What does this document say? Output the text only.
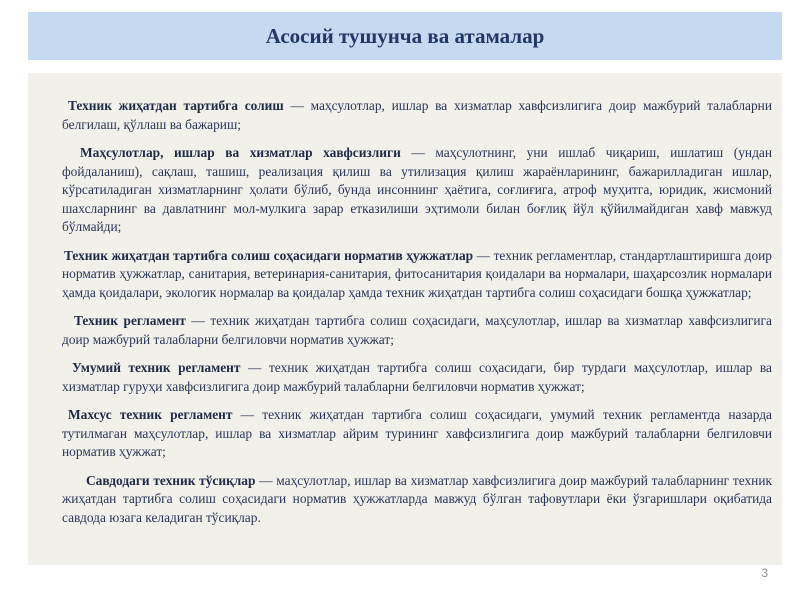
Асосий тушунча ва атамалар

Техник жиҳатдан тартибга солиш — маҳсулотлар, ишлар ва хизматлар хавфсизлигига доир мажбурий талабларни белгилаш, қўллаш ва бажариш;

Маҳсулотлар, ишлар ва хизматлар хавфсизлиги — маҳсулотнинг, уни ишлаб чиқариш, ишлатиш (ундан фойдаланиш), сақлаш, ташиш, реализация қилиш ва утилизация қилиш жараёнларининг, бажарилладиган ишлар, кўрсатиладиган хизматларнинг ҳолати бўлиб, бунда инсоннинг ҳаётига, соғлиғига, атроф муҳитга, юридик, жисмоний шахсларнинг ва давлатнинг мол-мулкига зарар етказилиши эҳтимоли билан боғлиқ йўл қўйилмайдиган хавф мавжуд бўлмайди;

Техник жиҳатдан тартибга солиш соҳасидаги норматив ҳужжатлар — техник регламентлар, стандартлаштиришга доир норматив ҳужжатлар, санитария, ветеринария-санитария, фитосанитария қоидалари ва нормалари, шаҳарсозлик нормалари ҳамда қоидалари, экологик нормалар ва қоидалар ҳамда техник жиҳатдан тартибга солиш соҳасидаги бошқа ҳужжатлар;

Техник регламент — техник жиҳатдан тартибга солиш соҳасидаги, маҳсулотлар, ишлар ва хизматлар хавфсизлигига доир мажбурий талабларни белгиловчи норматив ҳужжат;

Умумий техник регламент — техник жиҳатдан тартибга солиш соҳасидаги, бир турдаги маҳсулотлар, ишлар ва хизматлар гуруҳи хавфсизлигига доир мажбурий талабларни белгиловчи норматив ҳужжат;

Махсус техник регламент — техник жиҳатдан тартибга солиш соҳасидаги, умумий техник регламентда назарда тутилмаган маҳсулотлар, ишлар ва хизматлар айрим турининг хавфсизлигига доир мажбурий талабларни белгиловчи норматив ҳужжат;

Савдодаги техник тўсиқлар — маҳсулотлар, ишлар ва хизматлар хавфсизлигига доир мажбурий талабларнинг техник жиҳатдан тартибга солиш соҳасидаги норматив ҳужжатларда мавжуд бўлган тафовутлари ёки ўзгаришлари оқибатида савдода юзага келадиган тўсиқлар.

3
